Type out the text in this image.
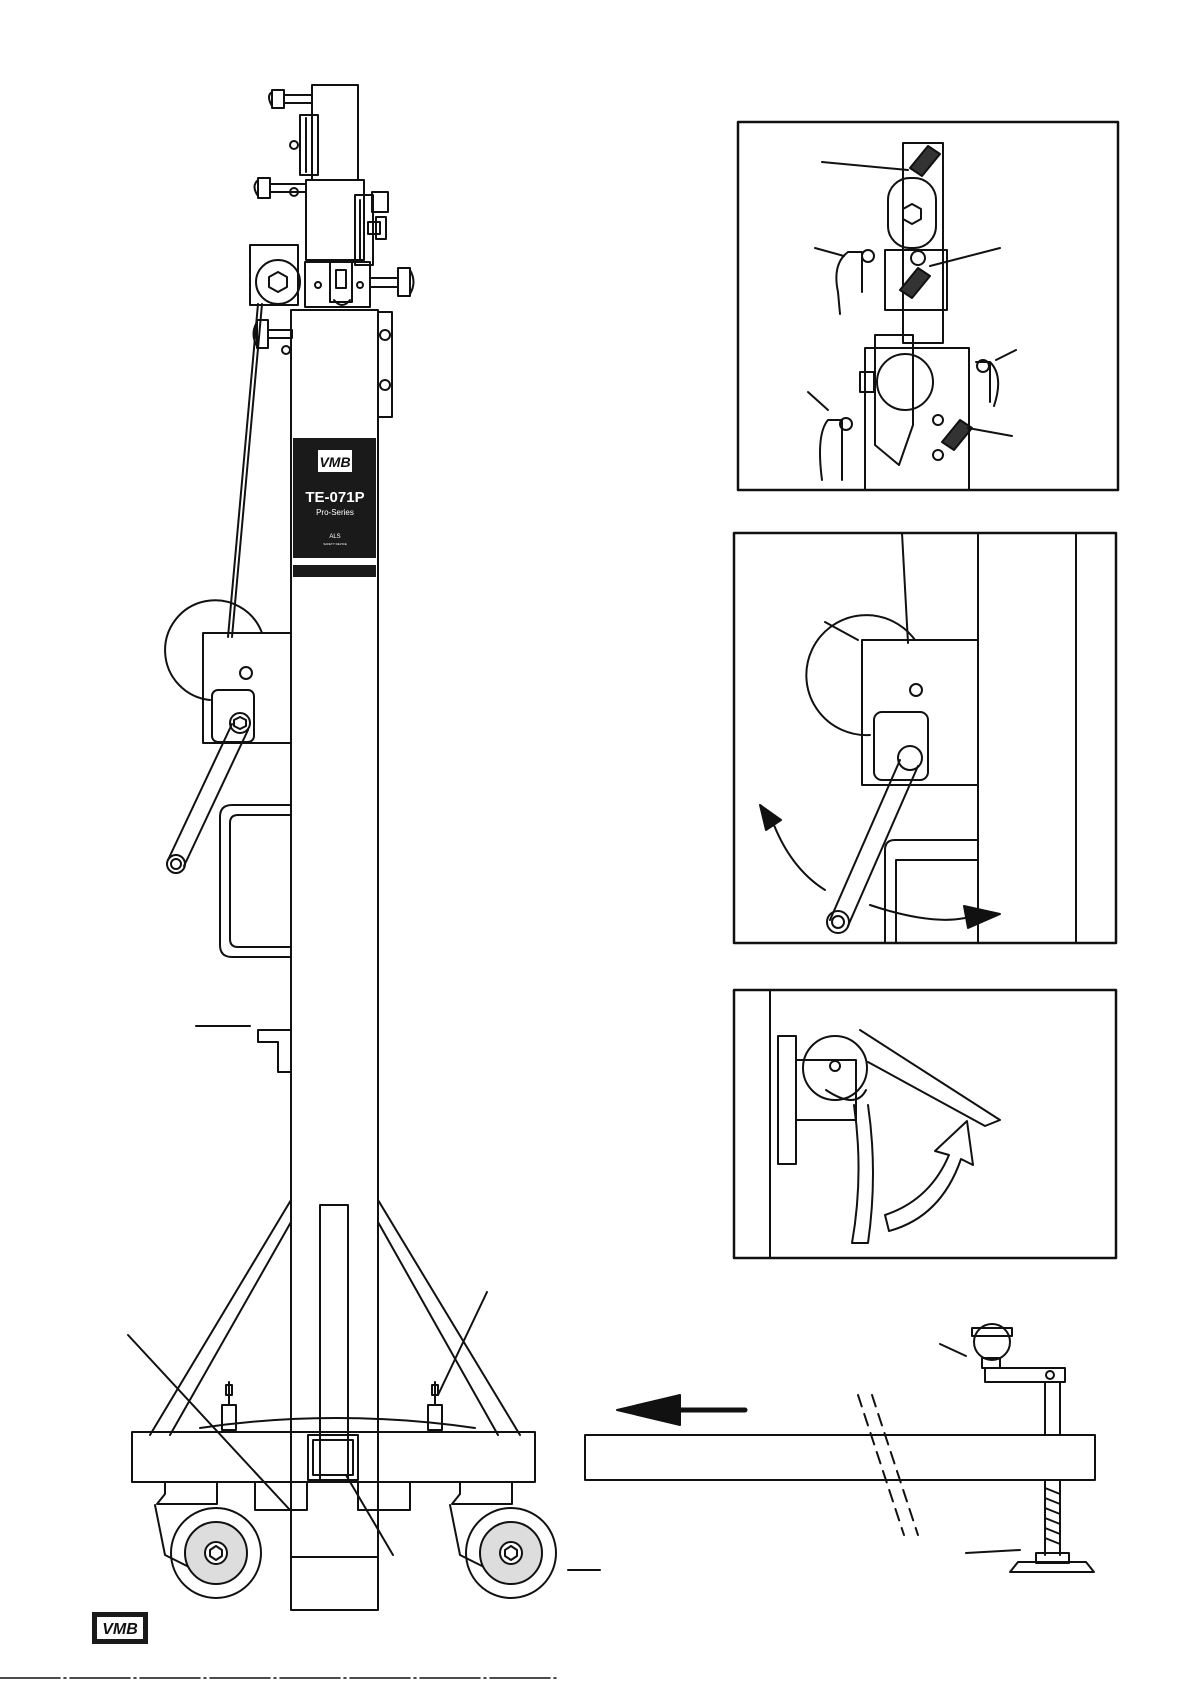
VMB
TE-071P
Pro-Series
ALS
SAFETY DEVICE
VMB
